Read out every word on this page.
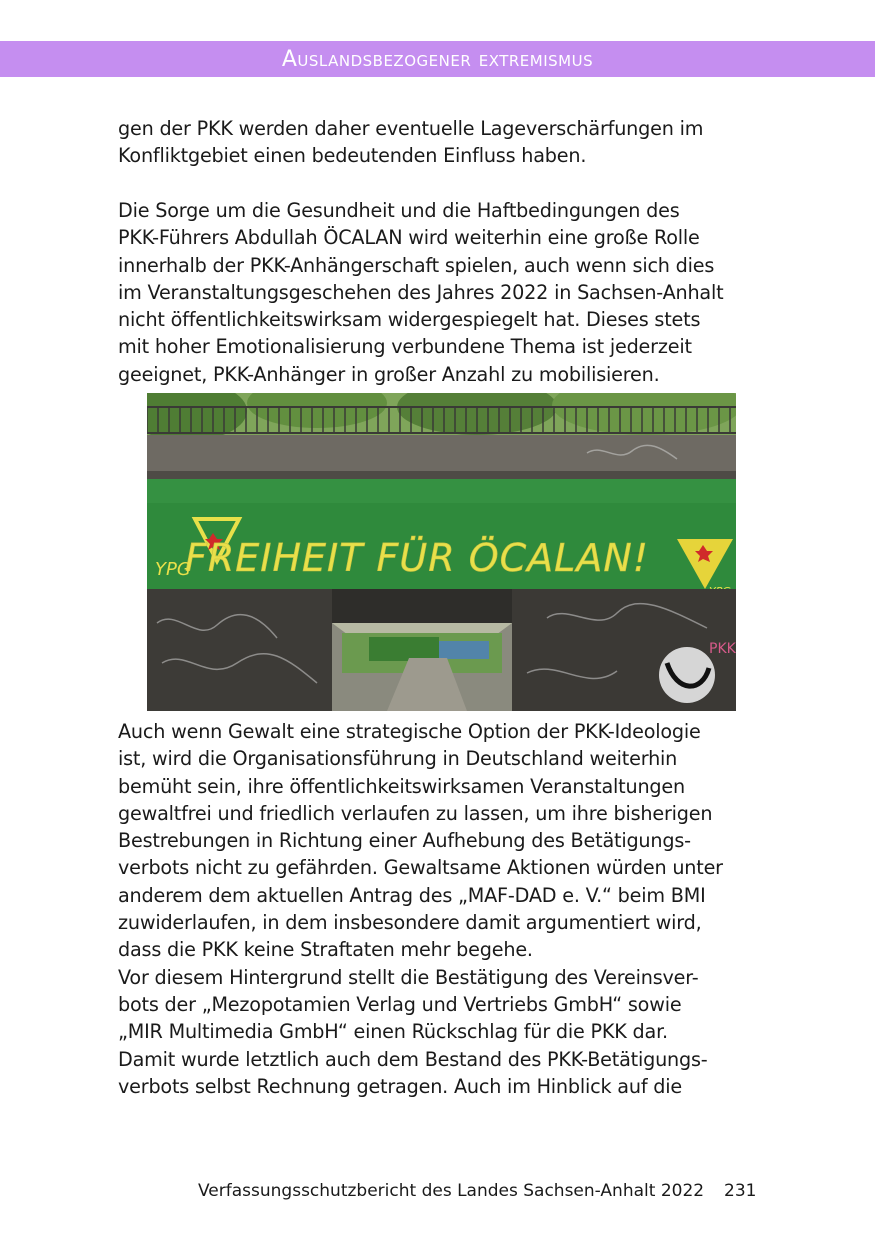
Auslandsbezogener extremismus
gen der PKK werden daher eventuelle Lageverschärfungen im
Konfliktgebiet einen bedeutenden Einfluss haben.
Die Sorge um die Gesundheit und die Haftbedingungen des
PKK-Führers Abdullah ÖCALAN wird weiterhin eine große Rolle
innerhalb der PKK-Anhängerschaft spielen, auch wenn sich dies
im Veranstaltungsgeschehen des Jahres 2022 in Sachsen-Anhalt
nicht öffentlichkeitswirksam widergespiegelt hat. Dieses stets
mit hoher Emotionalisierung verbundene Thema ist jederzeit
geeignet, PKK-Anhänger in großer Anzahl zu mobilisieren.
FREIHEIT FÜR ÖCALAN!
YPG
PKK
Auch wenn Gewalt eine strategische Option der PKK-Ideologie
ist, wird die Organisationsführung in Deutschland weiterhin
bemüht sein, ihre öffentlichkeitswirksamen Veranstaltungen
gewaltfrei und friedlich verlaufen zu lassen, um ihre bisherigen
Bestrebungen in Richtung einer Aufhebung des Betätigungs-
verbots nicht zu gefährden. Gewaltsame Aktionen würden unter
anderem dem aktuellen Antrag des „MAF-DAD e. V.“ beim BMI
zuwiderlaufen, in dem insbesondere damit argumentiert wird,
dass die PKK keine Straftaten mehr begehe.
Vor diesem Hintergrund stellt die Bestätigung des Vereinsver-
bots der „Mezopotamien Verlag und Vertriebs GmbH“ sowie
„MIR Multimedia GmbH“ einen Rückschlag für die PKK dar.
Damit wurde letztlich auch dem Bestand des PKK-Betätigungs-
verbots selbst Rechnung getragen. Auch im Hinblick auf die
Verfassungsschutzbericht des Landes Sachsen-Anhalt 2022 231
